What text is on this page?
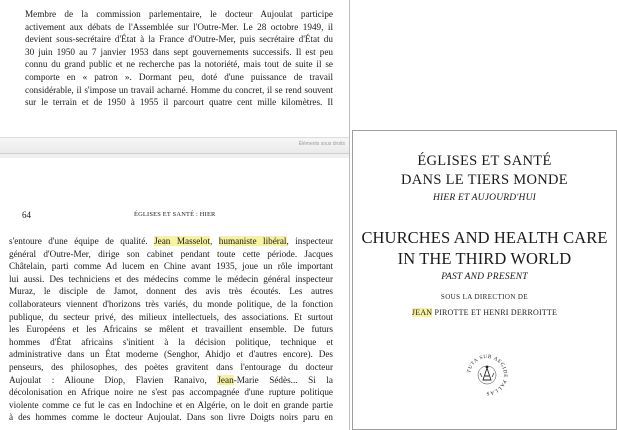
Membre de la commission parlementaire, le docteur Aujoulat participe
activement aux débats de l'Assemblée sur l'Outre-Mer. Le 28 octobre 1949, il
devient sous-secrétaire d'État à la France d'Outre-Mer, puis secrétaire d'État du
30 juin 1950 au 7 janvier 1953 dans sept gouvernements successifs. Il est peu
connu du grand public et ne recherche pas la notoriété, mais tout de suite il se
comporte en « patron ». Dormant peu, doté d'une puissance de travail
considérable, il s'impose un travail acharné. Homme du concret, il se rend souvent
sur le terrain et de 1950 à 1955 il parcourt quatre cent mille kilomètres. Il
Éléments sous droits
64	ÉGLISES ET SANTÉ : HIER
s'entoure d'une équipe de qualité. Jean Masselot, humaniste libéral, inspecteur
général d'Outre-Mer, dirige son cabinet pendant toute cette période. Jacques
Châtelain, parti comme Ad lucem en Chine avant 1935, joue un rôle important
lui aussi. Des techniciens et des médecins comme le médecin général inspecteur
Muraz, le disciple de Jamot, donnent des avis très écoutés. Les autres
collaborateurs viennent d'horizons très variés, du monde politique, de la fonction
publique, du secteur privé, des milieux intellectuels, des associations. Et surtout
les Européens et les Africains se mêlent et travaillent ensemble. De futurs
hommes d'État africains s'initient à la décision politique, technique et
administrative dans un État moderne (Senghor, Ahidjo et d'autres encore). Des
penseurs, des philosophes, des poètes gravitent dans l'entourage du docteur
Aujoulat : Alioune Diop, Flavien Ranaivo, Jean-Marie Sédès... Si la
décolonisation en Afrique noire ne s'est pas accompagnée d'une rupture politique
violente comme ce fut le cas en Indochine et en Algérie, on le doit en grande partie
à des hommes comme le docteur Aujoulat. Dans son livre Doigts noirs paru en
ÉGLISES ET SANTÉ
DANS LE TIERS MONDE
HIER ET AUJOURD'HUI
CHURCHES AND HEALTH CARE
IN THE THIRD WORLD
PAST AND PRESENT
SOUS LA DIRECTION DE
JEAN PIROTTE ET HENRI DERROITTE
TUTA SUB AEGIDE PALLAS
